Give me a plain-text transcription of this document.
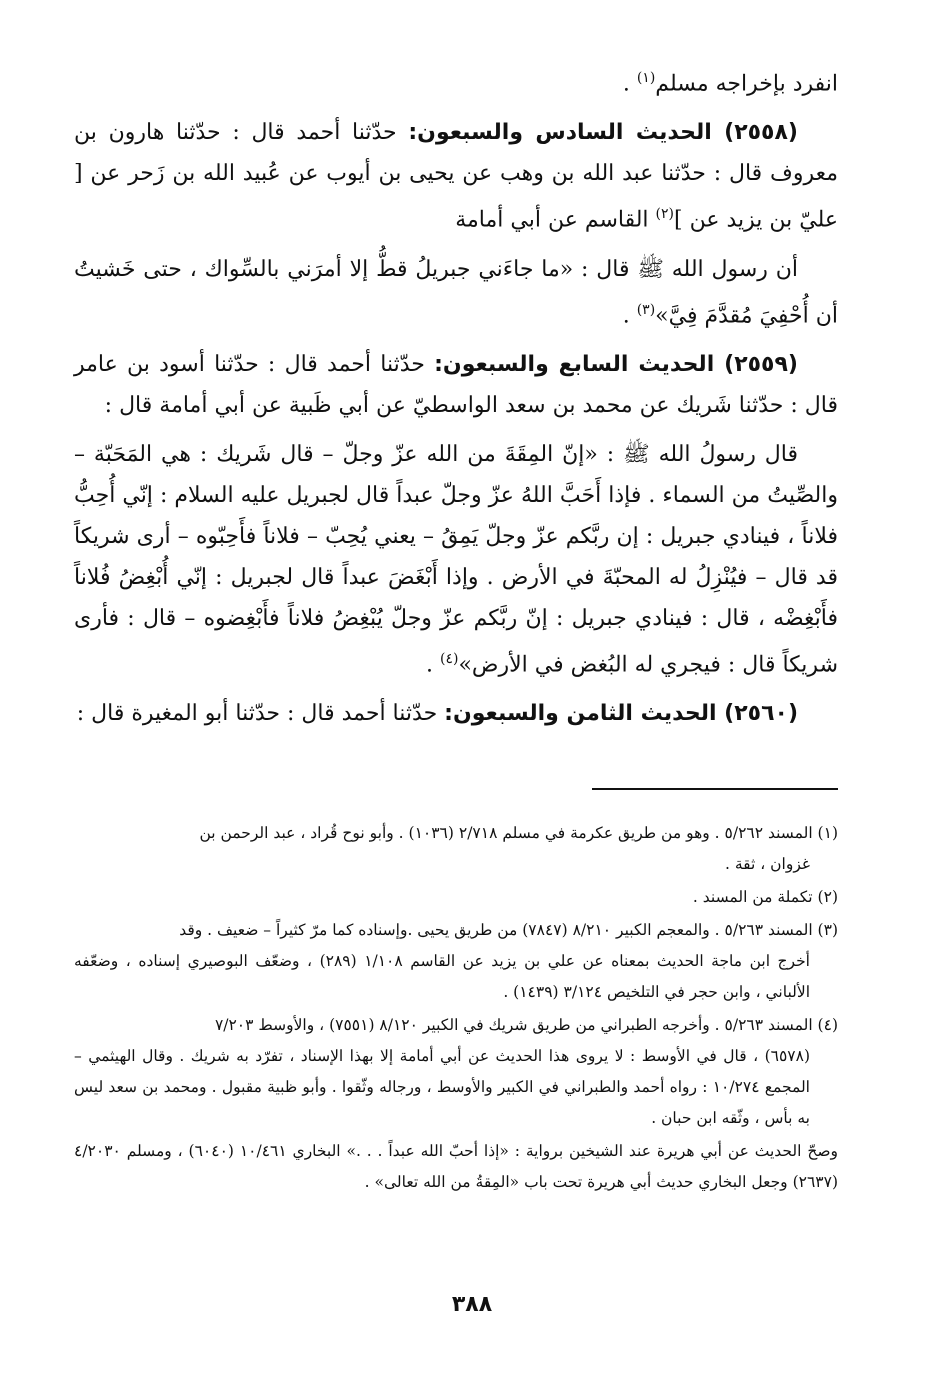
انفرد بإخراجه مسلم$^{(١)}$ .

(٢٥٥٨) الحديث السادس والسبعون: حدّثنا أحمد قال : حدّثنا هارون بن معروف قال : حدّثنا عبد الله بن وهب عن يحيى بن أيوب عن عُبيد الله بن زَحر عن [ عليّ بن يزيد عن ]$^{(٢)}$ القاسم عن أبي أمامة

أن رسول الله ﷺ قال : «ما جاءَني جبريلُ قطُّ إلا أمرَني بالسِّواك ، حتى خَشيتُ أن أُحْفِيَ مُقدَّمَ فِيَّ»$^{(٣)}$ .

(٢٥٥٩) الحديث السابع والسبعون: حدّثنا أحمد قال : حدّثنا أسود بن عامر قال : حدّثنا شَريك عن محمد بن سعد الواسطيّ عن أبي ظَبية عن أبي أمامة قال :

قال رسولُ الله ﷺ : «إنّ المِقَةَ من الله عزّ وجلّ – قال شَريك : هي المَحَبّة – والصِّيتُ من السماء . فإذا أَحَبَّ اللهُ عزّ وجلّ عبداً قال لجبريل عليه السلام : إنّي أُحِبُّ فلاناً ، فينادي جبريل : إن ربَّكم عزّ وجلّ يَمِقُ – يعني يُحِبّ – فلاناً فأَحِبّوه – أرى شريكاً قد قال – فيُنْزِلُ له المحبّةَ في الأرض . وإذا أَبْغَضَ عبداً قال لجبريل : إنّي أُبْغِضُ فُلاناً فأَبْغِضْه ، قال : فينادي جبريل : إنّ ربَّكم عزّ وجلّ يُبْغِضُ فلاناً فأَبْغِضوه – قال : فأرى شريكاً قال : فيجري له البُغض في الأرض»$^{(٤)}$ .

(٢٥٦٠) الحديث الثامن والسبعون: حدّثنا أحمد قال : حدّثنا أبو المغيرة قال :

(١) المسند ٥/٢٦٢ . وهو من طريق عكرمة في مسلم ٢/٧١٨ (١٠٣٦) . وأبو نوح قُراد ، عبد الرحمن بن
غزوان ، ثقة .

(٢) تكملة من المسند .

(٣) المسند ٥/٢٦٣ . والمعجم الكبير ٨/٢١٠ (٧٨٤٧) من طريق يحيى .وإسناده كما مرّ كثيراً – ضعيف . وقد
أخرج ابن ماجة الحديث بمعناه عن علي بن يزيد عن القاسم ١/١٠٨ (٢٨٩) ، وضعّف البوصيري إسناده ، وضعّفه الألباني ، وابن حجر في التلخيص ٣/١٢٤ (١٤٣٩) .

(٤) المسند ٥/٢٦٣ . وأخرجه الطبراني من طريق شريك في الكبير ٨/١٢٠ (٧٥٥١) ، والأوسط ٧/٢٠٣
(٦٥٧٨) ، قال في الأوسط : لا يروى هذا الحديث عن أبي أمامة إلا بهذا الإسناد ، تفرّد به شريك . وقال الهيثمي – المجمع ١٠/٢٧٤ : رواه أحمد والطبراني في الكبير والأوسط ، ورجاله وثّقوا . وأبو ظبية مقبول . ومحمد بن سعد ليس به بأس ، وثّقه ابن حبان .

وصحّ الحديث عن أبي هريرة عند الشيخين برواية : «إذا أحبّ الله عبداً . . .» البخاري ١٠/٤٦١ (٦٠٤٠) ، ومسلم ٤/٢٠٣٠ (٢٦٣٧) وجعل البخاري حديث أبي هريرة تحت باب «المِقةُ من الله تعالى» .

٣٨٨
